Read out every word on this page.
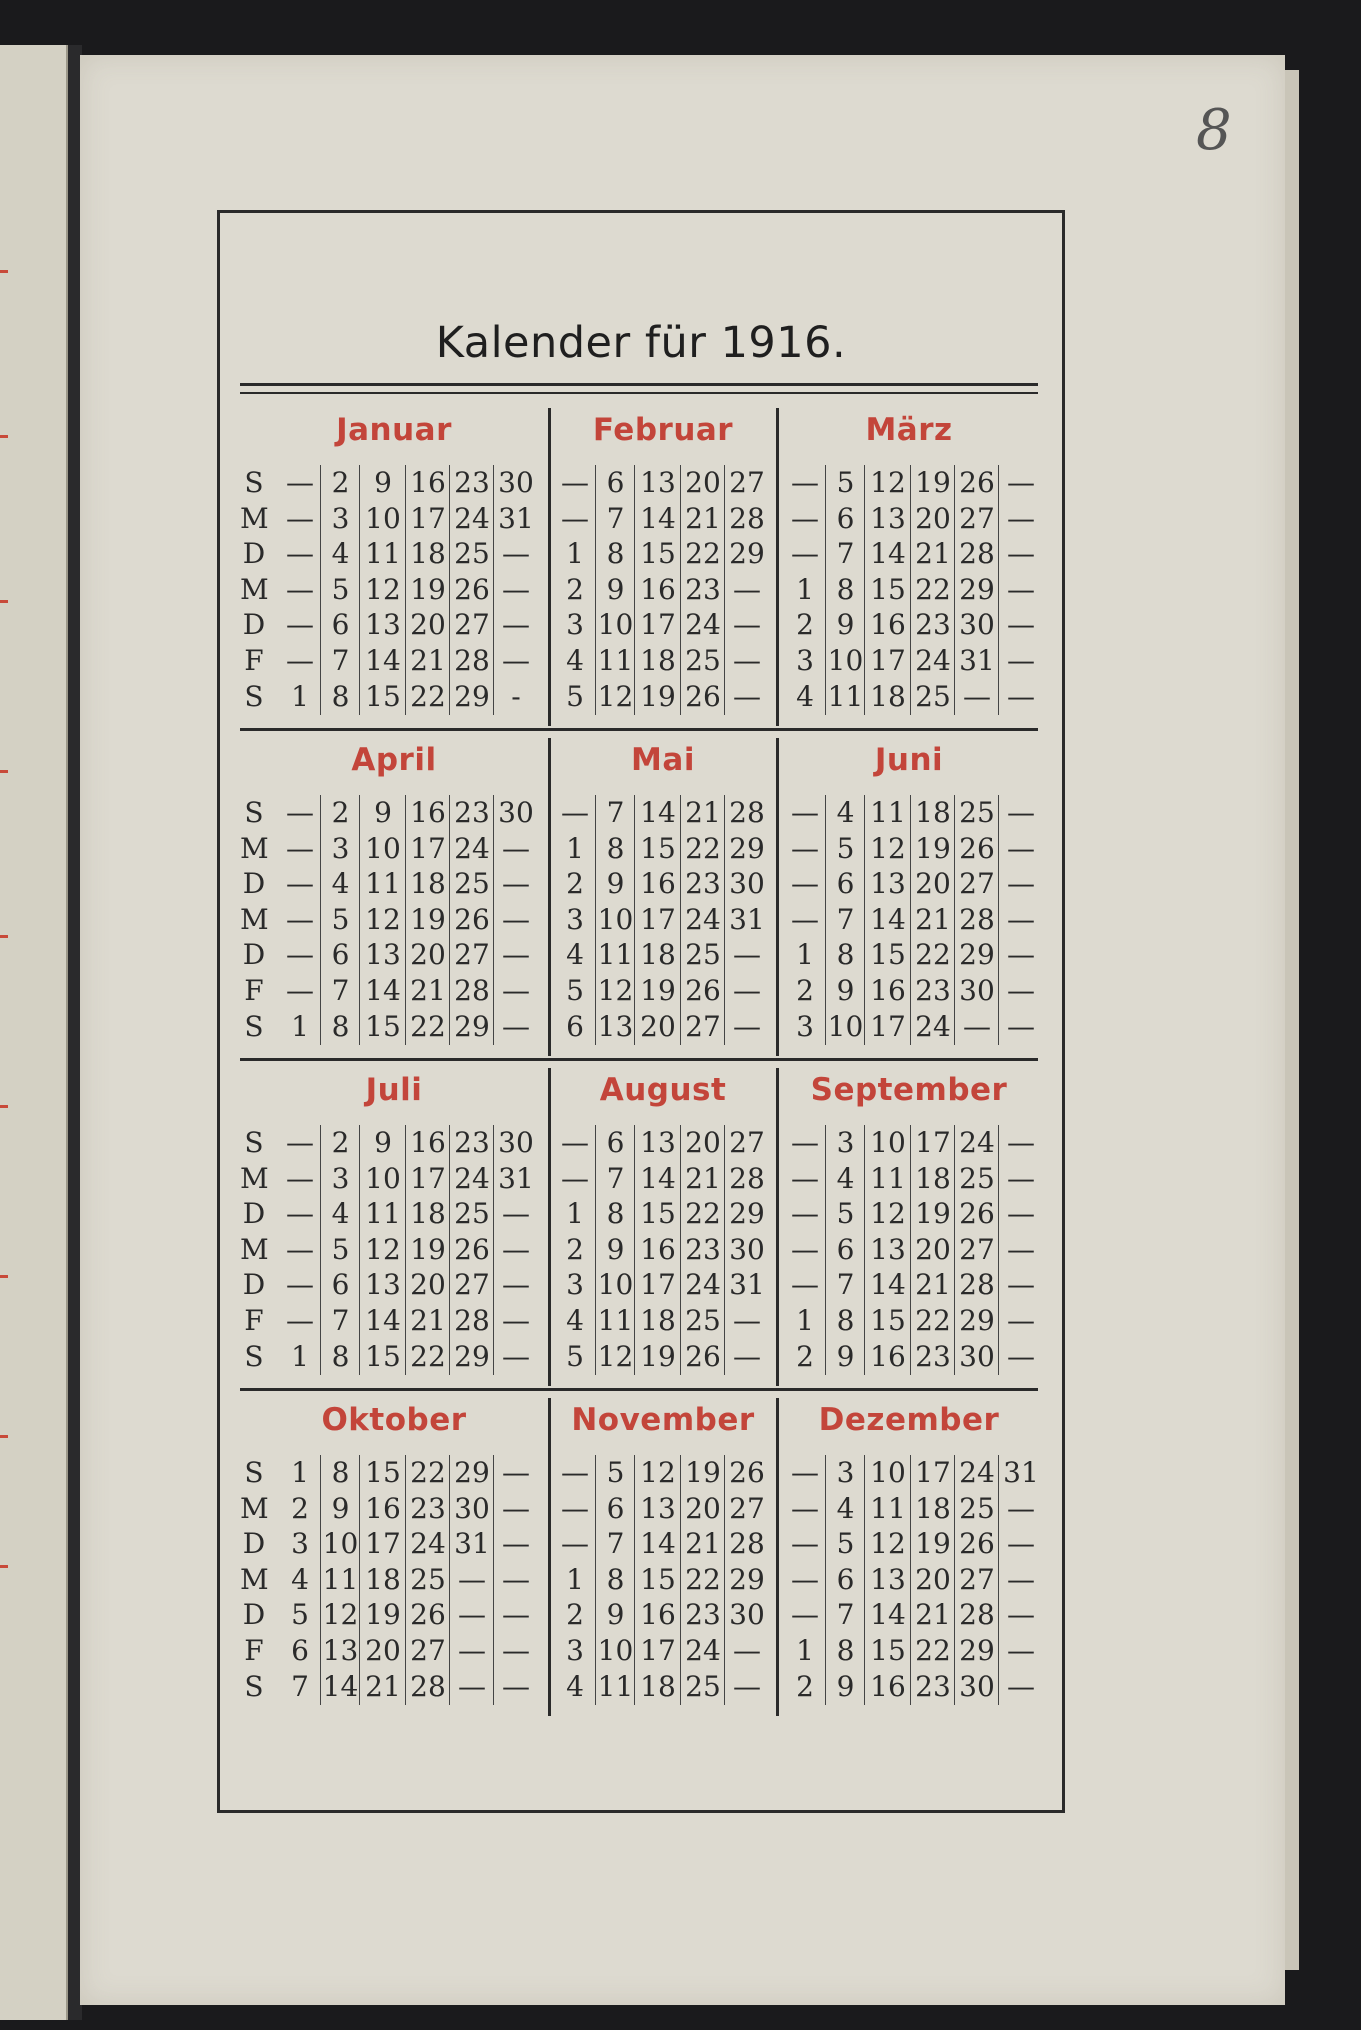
8
Kalender für 1916.
Januar
— 2 9 16 23 30
S
— 3 10 17 24 31
M
— 4 11 18 25 —
D
— 5 12 19 26 —
M
— 6 13 20 27 —
D
— 7 14 21 28 —
F
1 8 15 22 29 -
S
Februar
— 6 13 20 27
— 7 14 21 28
1 8 15 22 29
2 9 16 23 —
3 10 17 24 —
4 11 18 25 —
5 12 19 26 —
März
— 5 12 19 26 —
— 6 13 20 27 —
— 7 14 21 28 —
1 8 15 22 29 —
2 9 16 23 30 —
3 10 17 24 31 —
4 11 18 25 — —
April
— 2 9 16 23 30
S
— 3 10 17 24 —
M
— 4 11 18 25 —
D
— 5 12 19 26 —
M
— 6 13 20 27 —
D
— 7 14 21 28 —
F
1 8 15 22 29 —
S
Mai
— 7 14 21 28
1 8 15 22 29
2 9 16 23 30
3 10 17 24 31
4 11 18 25 —
5 12 19 26 —
6 13 20 27 —
Juni
— 4 11 18 25 —
— 5 12 19 26 —
— 6 13 20 27 —
— 7 14 21 28 —
1 8 15 22 29 —
2 9 16 23 30 —
3 10 17 24 — —
Juli
— 2 9 16 23 30
S
— 3 10 17 24 31
M
— 4 11 18 25 —
D
— 5 12 19 26 —
M
— 6 13 20 27 —
D
— 7 14 21 28 —
F
1 8 15 22 29 —
S
August
— 6 13 20 27
— 7 14 21 28
1 8 15 22 29
2 9 16 23 30
3 10 17 24 31
4 11 18 25 —
5 12 19 26 —
September
— 3 10 17 24 —
— 4 11 18 25 —
— 5 12 19 26 —
— 6 13 20 27 —
— 7 14 21 28 —
1 8 15 22 29 —
2 9 16 23 30 —
Oktober
1 8 15 22 29 —
S
2 9 16 23 30 —
M
3 10 17 24 31 —
D
4 11 18 25 — —
M
5 12 19 26 — —
D
6 13 20 27 — —
F
7 14 21 28 — —
S
November
— 5 12 19 26
— 6 13 20 27
— 7 14 21 28
1 8 15 22 29
2 9 16 23 30
3 10 17 24 —
4 11 18 25 —
Dezember
— 3 10 17 24 31
— 4 11 18 25 —
— 5 12 19 26 —
— 6 13 20 27 —
— 7 14 21 28 —
1 8 15 22 29 —
2 9 16 23 30 —
